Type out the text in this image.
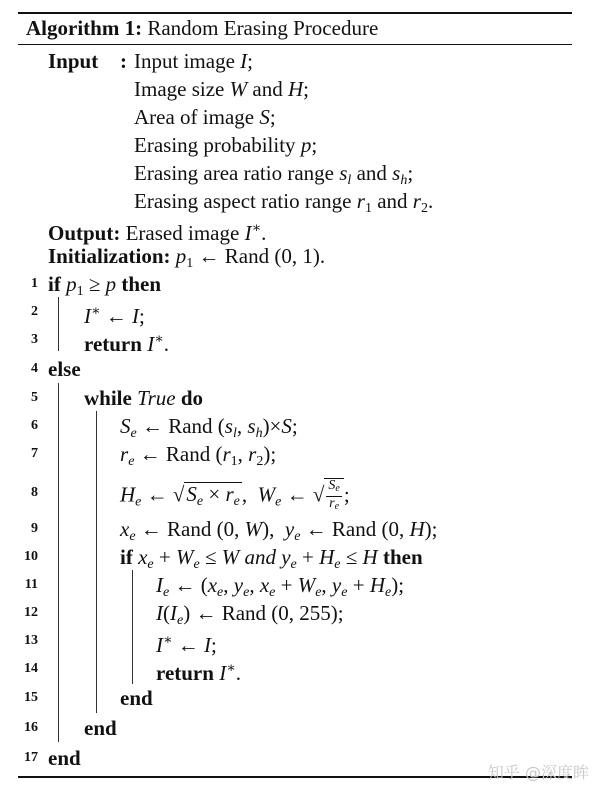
Algorithm 1: Random Erasing Procedure
Input : Input image I;
Image size W and H;
Area of image S;
Erasing probability p;
Erasing area ratio range $s_l$ and $s_h$;
Erasing aspect ratio range $r_1$ and $r_2$.
Output: Erased image I∗.
Initialization: $p_1$ ← Rand (0, 1).
1
2
3
4
5
6
7
8
9
10
11
12
13
14
15
16
17
if $p_1 \ge p$ then
I∗ ← I;
return I∗.
else
while True do
$S_e$ ← Rand ($s_l$, $s_h)\times S$;
$r_e$ ← Rand ($r_1$, $r_2$);
$H_e$ ← $√S_e \times r_e$,  $W_e$ ← √ $\frac{S_e}{r_e}$ ;
$x_e$ ← Rand (0, W),  $y_e$ ← Rand (0, H);
if $x_e + W_e \le W$ and $y_e + H_e \le H$ then
$I_e$ ← ($x_e$, $y_e$, $x_e + W_e$, $y_e + H_e$);
$I(I_e)$ ← Rand (0, 255);
I∗ ← I;
return I∗.
end
end
end
知乎 @深度眸
